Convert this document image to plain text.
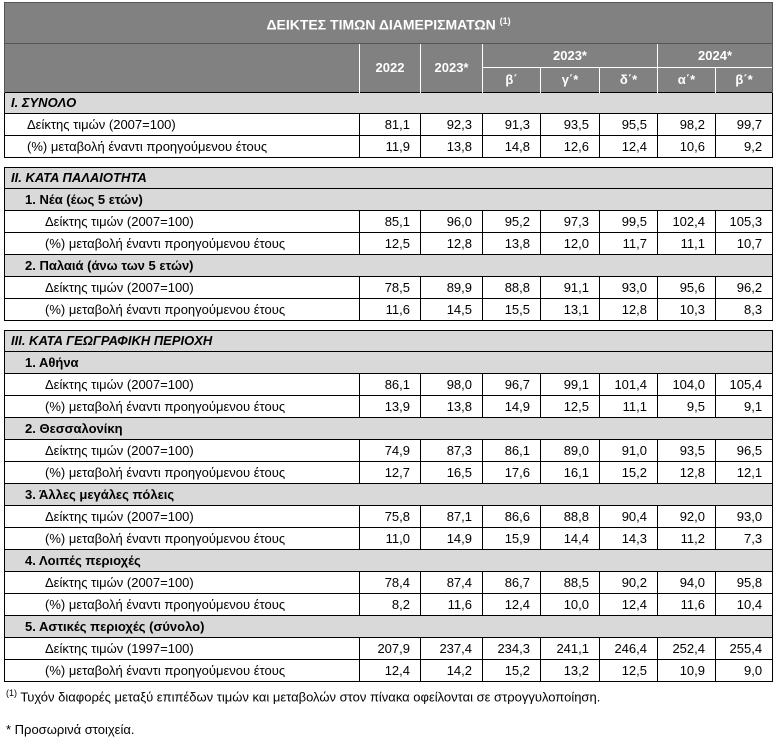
ΔΕΙΚΤΕΣ ΤΙΜΩΝ ΔΙΑΜΕΡΙΣΜΑΤΩΝ $^{(1)}$
	2022	2023*	2023*			2024*	
			β΄	γ΄*	δ΄*	α΄*	β΄*
I. ΣΥΝΟΛΟ							
Δείκτης τιμών (2007=100)	81,1	92,3	91,3	93,5	95,5	98,2	99,7
(%) μεταβολή έναντι προηγούμενου έτους	11,9	13,8	14,8	12,6	12,4	10,6	9,2

II. ΚΑΤΑ ΠΑΛΑΙΟΤΗΤΑ							
1. Νέα (έως 5 ετών)							
Δείκτης τιμών (2007=100)	85,1	96,0	95,2	97,3	99,5	102,4	105,3
(%) μεταβολή έναντι προηγούμενου έτους	12,5	12,8	13,8	12,0	11,7	11,1	10,7
2. Παλαιά (άνω των 5 ετών)							
Δείκτης τιμών (2007=100)	78,5	89,9	88,8	91,1	93,0	95,6	96,2
(%) μεταβολή έναντι προηγούμενου έτους	11,6	14,5	15,5	13,1	12,8	10,3	8,3

III. ΚΑΤΑ ΓΕΩΓΡΑΦΙΚΗ ΠΕΡΙΟΧΗ							
1. Αθήνα							
Δείκτης τιμών (2007=100)	86,1	98,0	96,7	99,1	101,4	104,0	105,4
(%) μεταβολή έναντι προηγούμενου έτους	13,9	13,8	14,9	12,5	11,1	9,5	9,1
2. Θεσσαλονίκη							
Δείκτης τιμών (2007=100)	74,9	87,3	86,1	89,0	91,0	93,5	96,5
(%) μεταβολή έναντι προηγούμενου έτους	12,7	16,5	17,6	16,1	15,2	12,8	12,1
3. Άλλες μεγάλες πόλεις							
Δείκτης τιμών (2007=100)	75,8	87,1	86,6	88,8	90,4	92,0	93,0
(%) μεταβολή έναντι προηγούμενου έτους	11,0	14,9	15,9	14,4	14,3	11,2	7,3
4. Λοιπές περιοχές							
Δείκτης τιμών (2007=100)	78,4	87,4	86,7	88,5	90,2	94,0	95,8
(%) μεταβολή έναντι προηγούμενου έτους	8,2	11,6	12,4	10,0	12,4	11,6	10,4
5. Αστικές περιοχές (σύνολο)							
Δείκτης τιμών (1997=100)	207,9	237,4	234,3	241,1	246,4	252,4	255,4
(%) μεταβολή έναντι προηγούμενου έτους	12,4	14,2	15,2	13,2	12,5	10,9	9,0
$^{(1)}$ Τυχόν διαφορές μεταξύ επιπέδων τιμών και μεταβολών στον πίνακα οφείλονται σε στρογγυλοποίηση.
* Προσωρινά στοιχεία.
